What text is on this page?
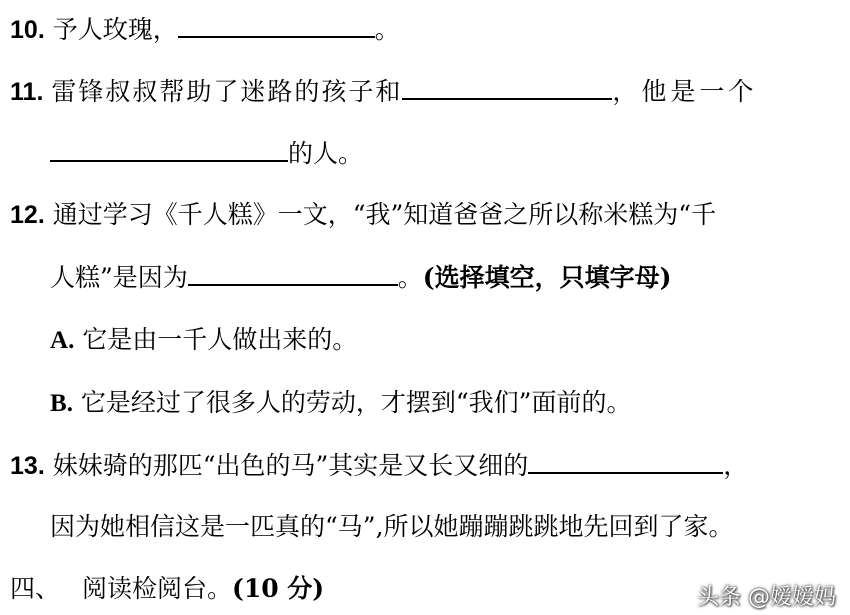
10. 予人玫瑰，	。
11. 雷锋叔叔帮助了迷路的孩子和	，他是一个
的人。
12. 通过学习《千人糕》一文，“我”知道爸爸之所以称米糕为“千
人糕”是因为	。(选择填空，只填字母)
A. 它是由一千人做出来的。
B. 它是经过了很多人的劳动，才摆到“我们”面前的。
13. 妹妹骑的那匹“出色的马”其实是又长又细的	，
因为她相信这是一匹真的“马”,所以她蹦蹦跳跳地先回到了家。
四、 阅读检阅台。(10 分)	头条 @嫒嫒妈
